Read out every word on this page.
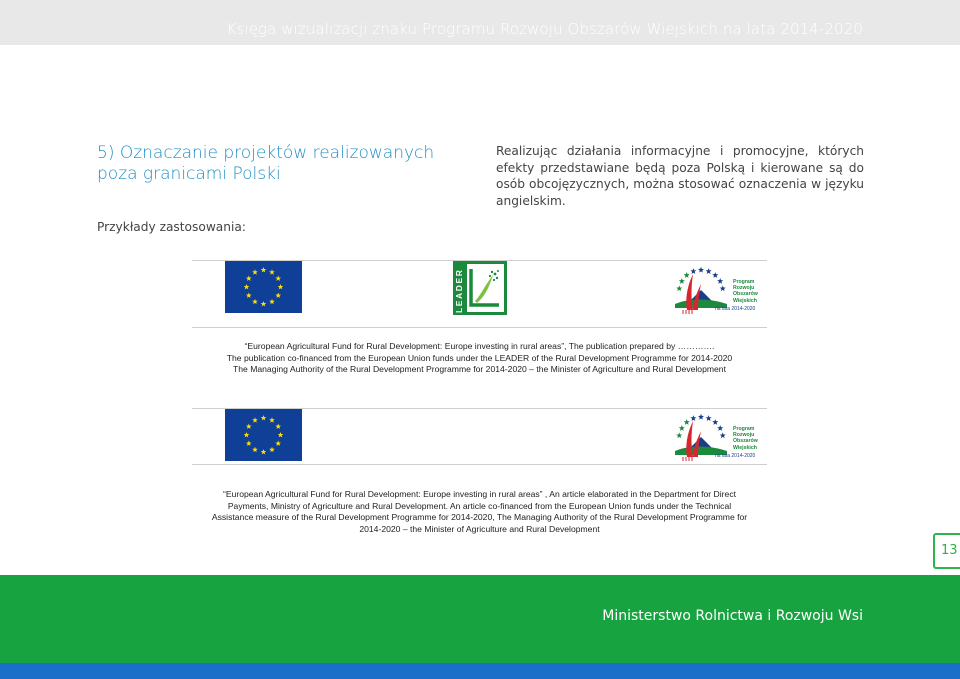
Księga wizualizacji znaku Programu Rozwoju Obszarów Wiejskich na lata 2014-2020
5) Oznaczanie projektów realizowanych poza granicami Polski
Realizując działania informacyjne i promocyjne, których efekty przedstawiane będą poza Polską i kierowane są do osób obcojęzycznych, można stosować oznaczenia w języku angielskim.
Przykłady zastosowania:
LEADER	Program
Rozwoju
Obszarów
Wiejskich
na lata 2014-2020
“European Agricultural Fund for Rural Development: Europe investing in rural areas”, The publication prepared by ………….
The publication co-financed from the European Union funds under the LEADER of the Rural Development Programme for 2014-2020
The Managing Authority of the Rural Development Programme for 2014-2020 – the Minister of Agriculture and Rural Development
Program
Rozwoju
Obszarów
Wiejskich
na lata 2014-2020
“European Agricultural Fund for Rural Development: Europe investing in rural areas” , An article elaborated in the Department for Direct
Payments, Ministry of Agriculture and Rural Development. An article co-financed from the European Union funds under the Technical
Assistance measure of the Rural Development Programme for 2014-2020, The Managing Authority of the Rural Development Programme for
2014-2020 – the Minister of Agriculture and Rural Development
13
Ministerstwo Rolnictwa i Rozwoju Wsi
